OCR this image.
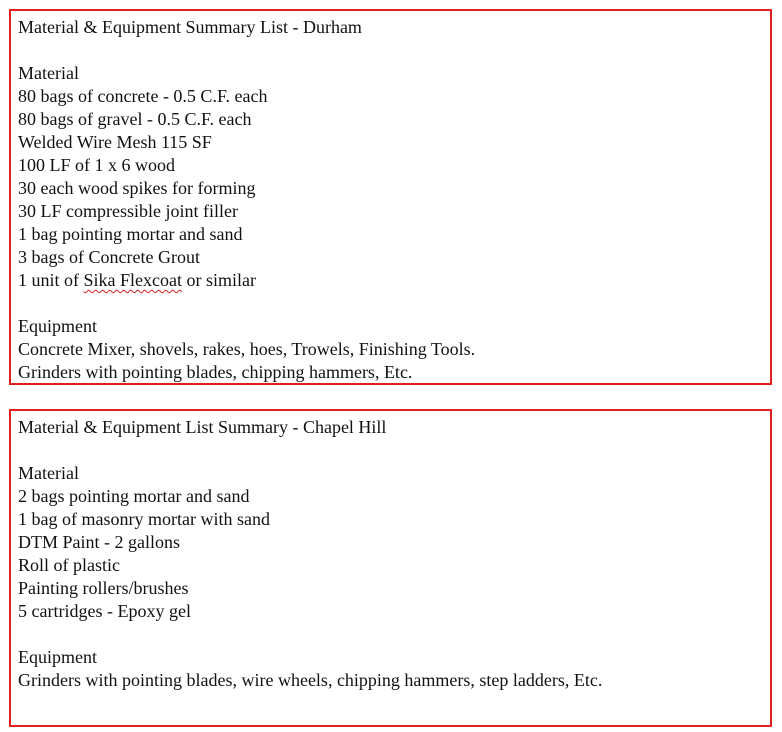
Material & Equipment Summary List - Durham
Material
80 bags of concrete - 0.5 C.F. each
80 bags of gravel - 0.5 C.F. each
Welded Wire Mesh 115 SF
100 LF of 1 x 6 wood
30 each wood spikes for forming
30 LF compressible joint filler
1 bag pointing mortar and sand
3 bags of Concrete Grout
1 unit of Sika Flexcoat or similar
Equipment
Concrete Mixer, shovels, rakes, hoes, Trowels, Finishing Tools.
Grinders with pointing blades, chipping hammers, Etc.
Material & Equipment List Summary - Chapel Hill
Material
2 bags pointing mortar and sand
1 bag of masonry mortar with sand
DTM Paint - 2 gallons
Roll of plastic
Painting rollers/brushes
5 cartridges - Epoxy gel
Equipment
Grinders with pointing blades, wire wheels, chipping hammers, step ladders, Etc.
